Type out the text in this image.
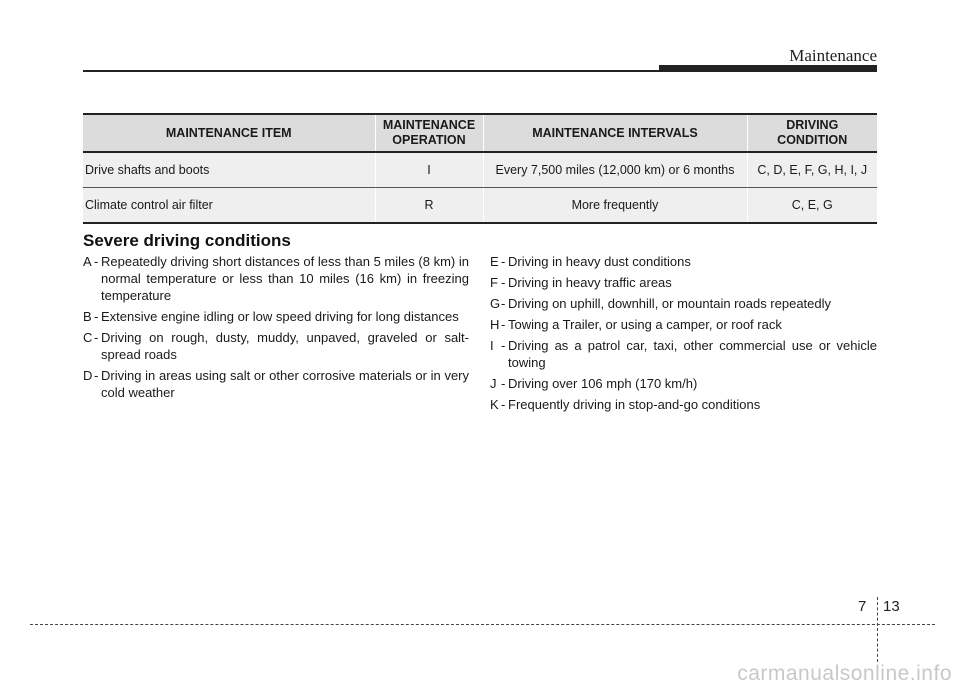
Maintenance
MAINTENANCE ITEM	MAINTENANCE OPERATION	MAINTENANCE INTERVALS	DRIVING CONDITION
Drive shafts and boots	I	Every 7,500 miles (12,000 km) or 6 months	C, D, E, F, G, H, I, J
Climate control air filter	R	More frequently	C, E, G
Severe driving conditions
A - Repeatedly driving short distances of less than 5 miles (8 km) in normal temperature or less than 10 miles (16 km) in freezing temperature
B - Extensive engine idling or low speed driving for long distances
C - Driving on rough, dusty, muddy, unpaved, graveled or salt-spread roads
D - Driving in areas using salt or other corrosive materials or in very cold weather
E - Driving in heavy dust conditions
F - Driving in heavy traffic areas
G - Driving on uphill, downhill, or mountain roads repeatedly
H - Towing a Trailer, or using a camper, or roof rack
I - Driving as a patrol car, taxi, other commercial use or vehicle towing
J - Driving over 106 mph (170 km/h)
K - Frequently driving in stop-and-go conditions
7 13
carmanualsonline.info
